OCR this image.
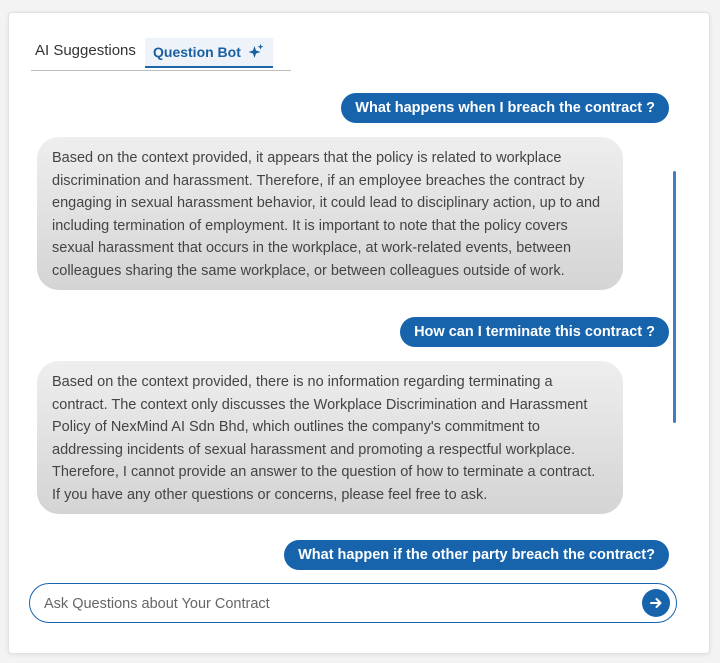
AI Suggestions Question Bot
What happens when I breach the contract ?
Based on the context provided, it appears that the policy is related to workplace discrimination and harassment. Therefore, if an employee breaches the contract by engaging in sexual harassment behavior, it could lead to disciplinary action, up to and including termination of employment. It is important to note that the policy covers sexual harassment that occurs in the workplace, at work-related events, between colleagues sharing the same workplace, or between colleagues outside of work.
How can I terminate this contract ?
Based on the context provided, there is no information regarding terminating a contract. The context only discusses the Workplace Discrimination and Harassment Policy of NexMind AI Sdn Bhd, which outlines the company's commitment to addressing incidents of sexual harassment and promoting a respectful workplace. Therefore, I cannot provide an answer to the question of how to terminate a contract. If you have any other questions or concerns, please feel free to ask.
What happen if the other party breach the contract?
Ask Questions about Your Contract
